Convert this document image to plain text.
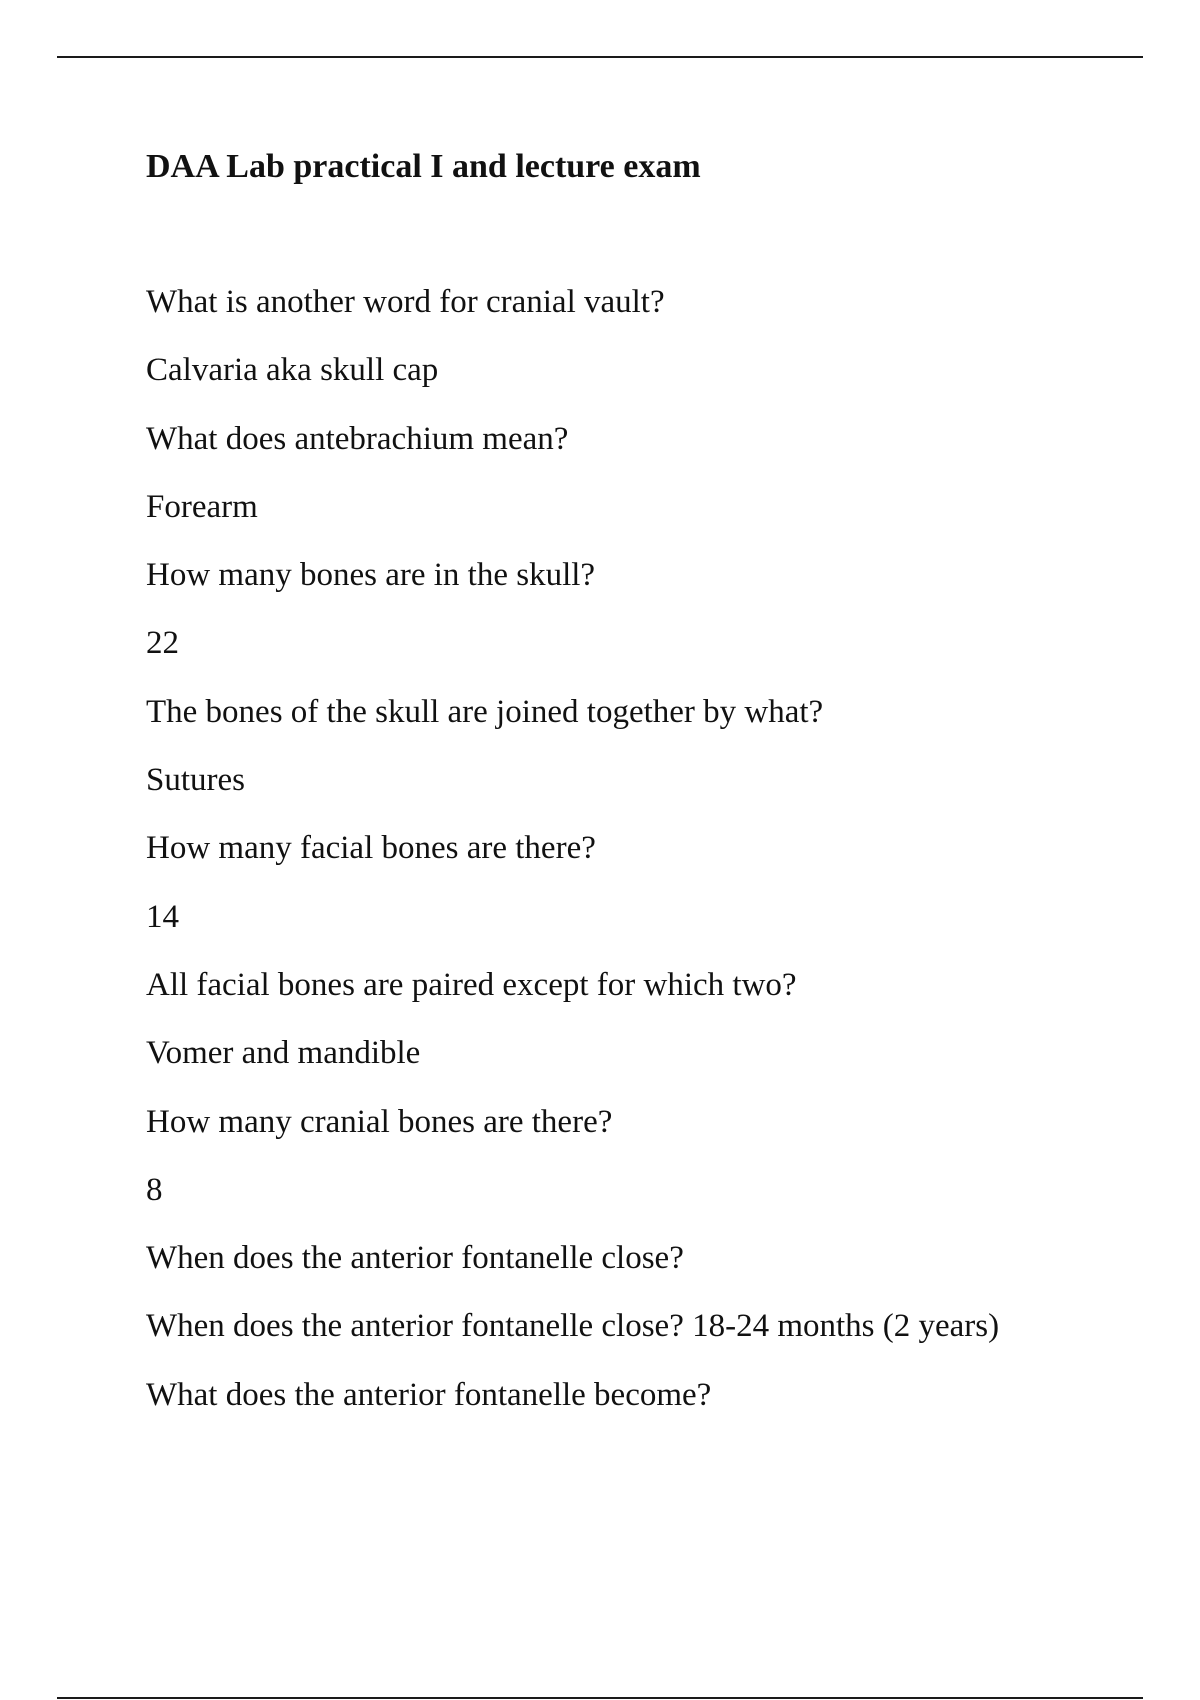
DAA Lab practical I and lecture exam
What is another word for cranial vault?
Calvaria aka skull cap
What does antebrachium mean?
Forearm
How many bones are in the skull?
22
The bones of the skull are joined together by what?
Sutures
How many facial bones are there?
14
All facial bones are paired except for which two?
Vomer and mandible
How many cranial bones are there?
8
When does the anterior fontanelle close?
When does the anterior fontanelle close? 18-24 months (2 years)
What does the anterior fontanelle become?
